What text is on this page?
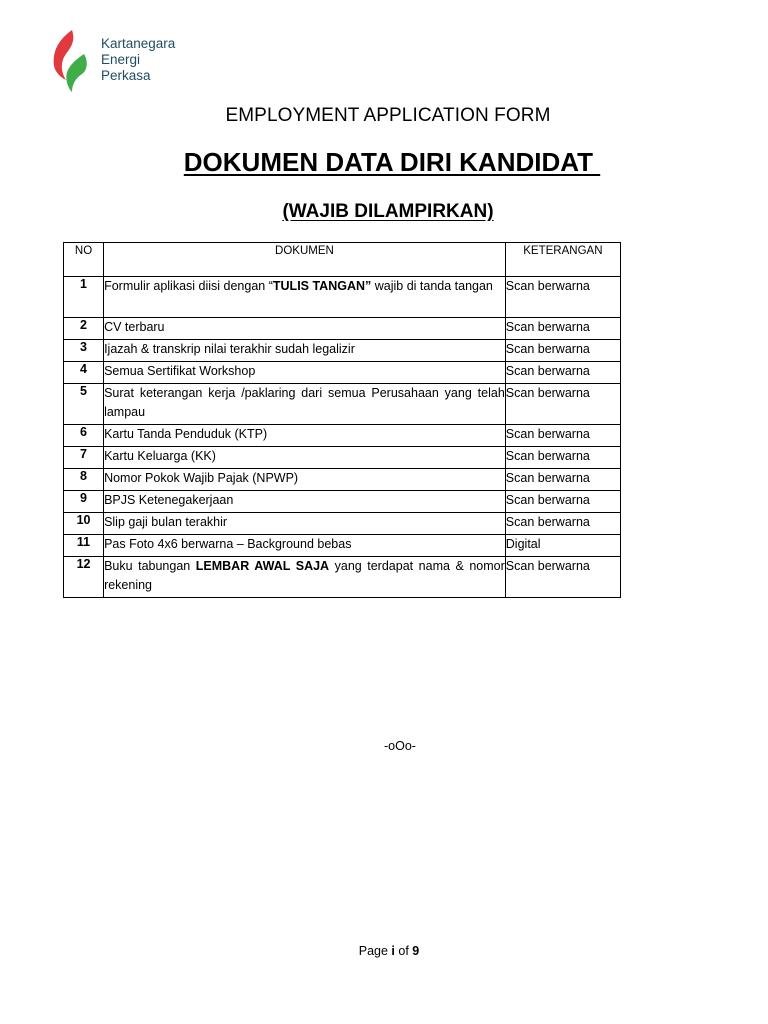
Kartanegara
Energi
Perkasa
EMPLOYMENT APPLICATION FORM
DOKUMEN DATA DIRI KANDIDAT
(WAJIB DILAMPIRKAN)
NO	DOKUMEN	KETERANGAN
1	Formulir aplikasi diisi dengan “TULIS TANGAN” wajib di tanda tangan	Scan berwarna
2	CV terbaru	Scan berwarna
3	Ijazah & transkrip nilai terakhir sudah legalizir	Scan berwarna
4	Semua Sertifikat Workshop	Scan berwarna
5	Surat keterangan kerja /paklaring dari semua Perusahaan yang telah lampau	Scan berwarna
6	Kartu Tanda Penduduk (KTP)	Scan berwarna
7	Kartu Keluarga (KK)	Scan berwarna
8	Nomor Pokok Wajib Pajak (NPWP)	Scan berwarna
9	BPJS Ketenegakerjaan	Scan berwarna
10	Slip gaji bulan terakhir	Scan berwarna
11	Pas Foto 4x6 berwarna – Background bebas	Digital
12	Buku tabungan LEMBAR AWAL SAJA yang terdapat nama & nomor rekening	Scan berwarna
-oOo-
Page i of 9
